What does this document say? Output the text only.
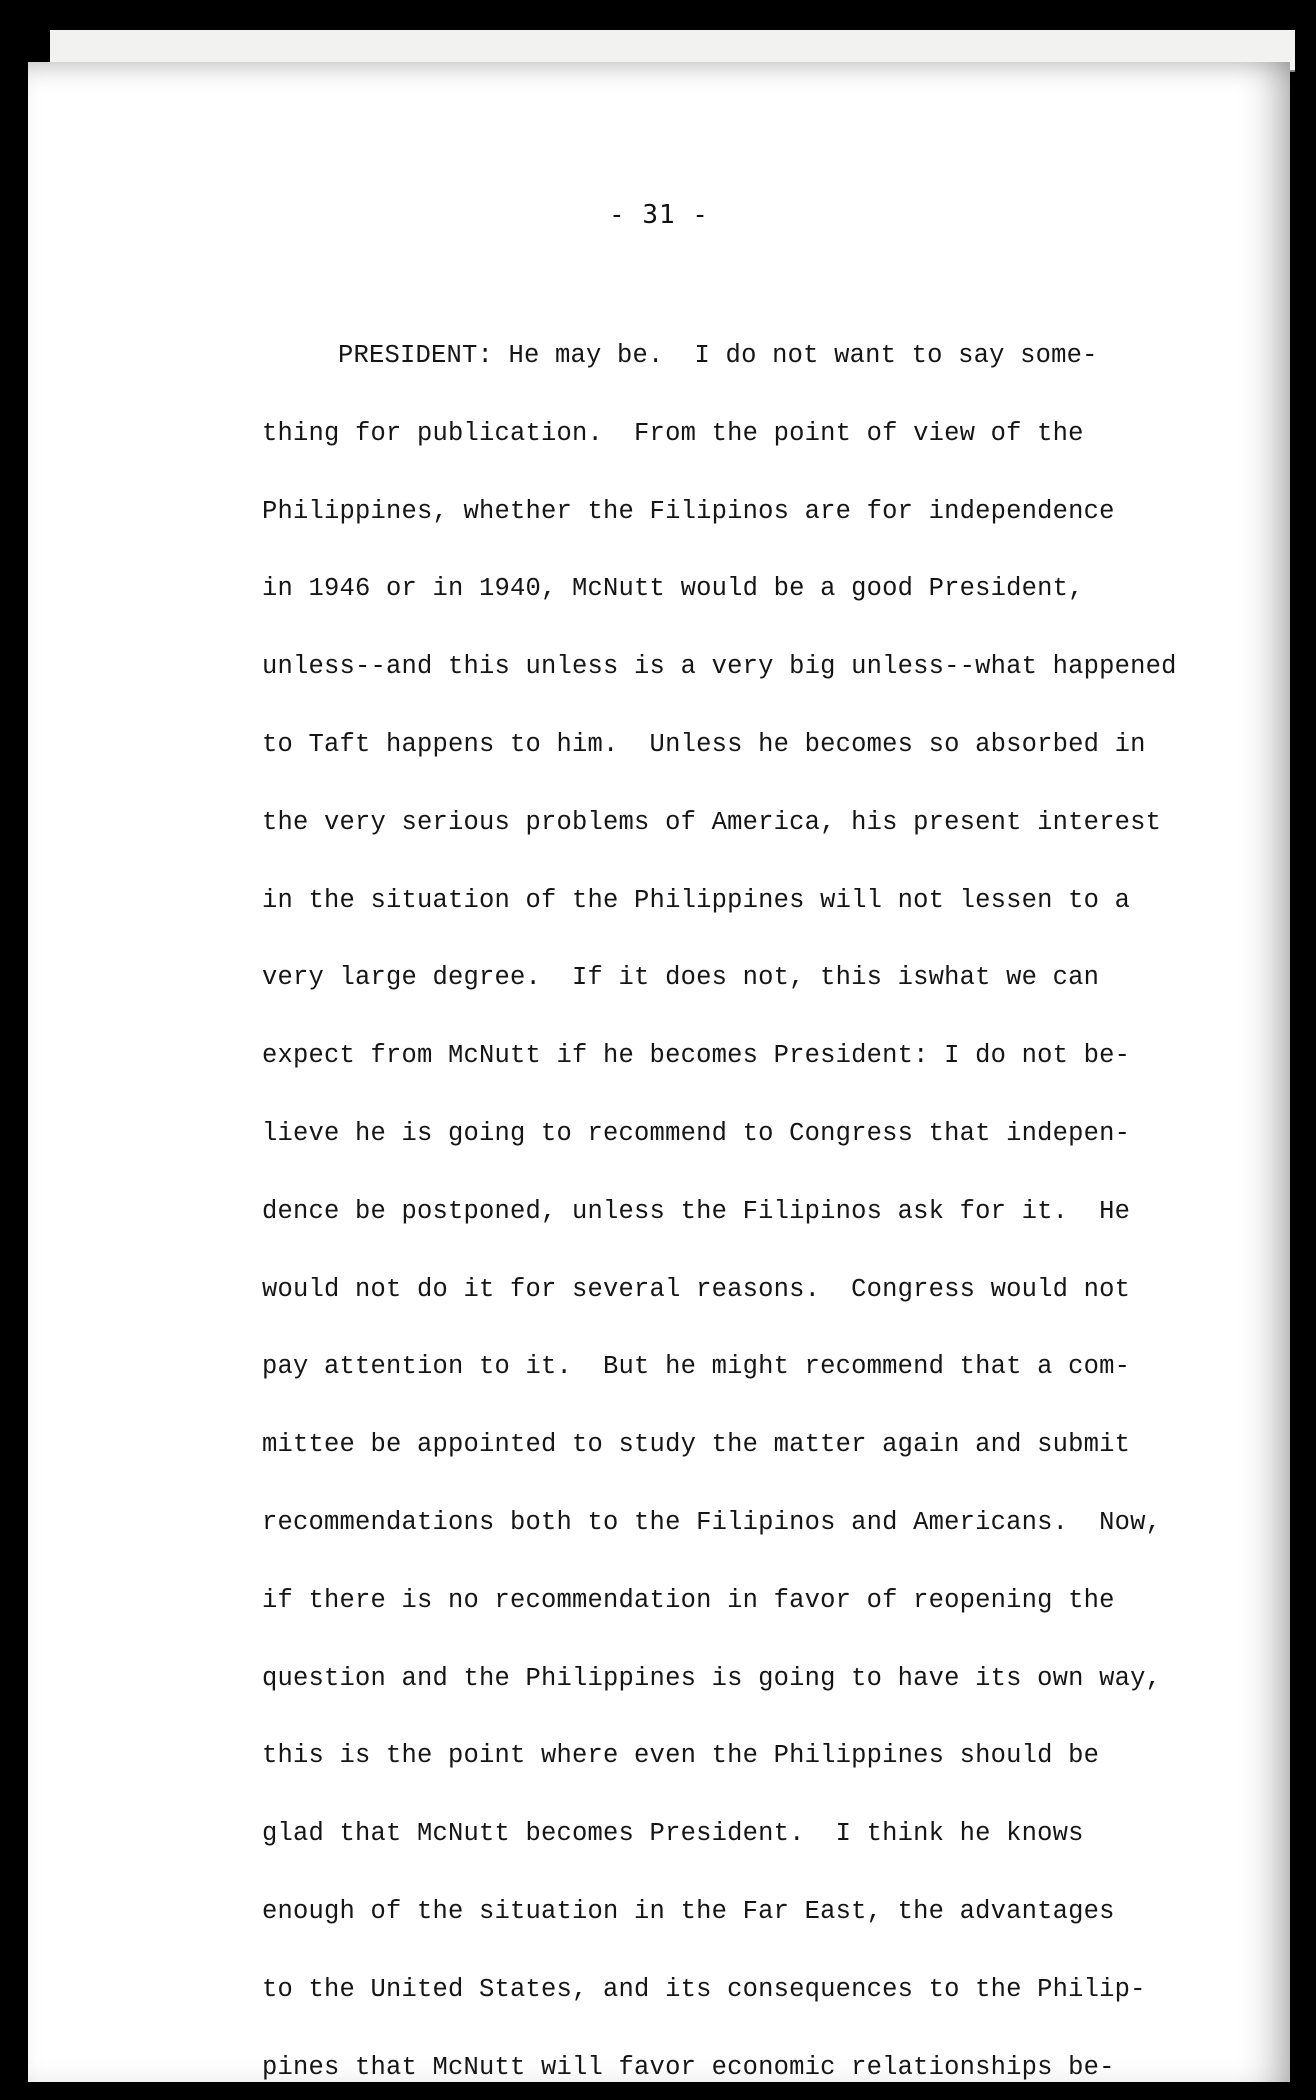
- 31 -
PRESIDENT: He may be.  I do not want to say some-
thing for publication.  From the point of view of the
Philippines, whether the Filipinos are for independence
in 1946 or in 1940, McNutt would be a good President,
unless--and this unless is a very big unless--what happened
to Taft happens to him.  Unless he becomes so absorbed in
the very serious problems of America, his present interest
in the situation of the Philippines will not lessen to a
very large degree.  If it does not, this iswhat we can
expect from McNutt if he becomes President: I do not be-
lieve he is going to recommend to Congress that indepen-
dence be postponed, unless the Filipinos ask for it.  He
would not do it for several reasons.  Congress would not
pay attention to it.  But he might recommend that a com-
mittee be appointed to study the matter again and submit
recommendations both to the Filipinos and Americans.  Now,
if there is no recommendation in favor of reopening the
question and the Philippines is going to have its own way,
this is the point where even the Philippines should be
glad that McNutt becomes President.  I think he knows
enough of the situation in the Far East, the advantages
to the United States, and its consequences to the Philip-
pines that McNutt will favor economic relationships be-
